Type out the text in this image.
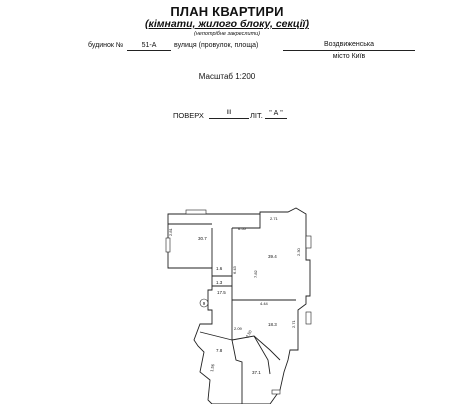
ПЛАН КВАРТИРИ
(кімнати, жилого блоку, секції)
(непотрібне закреслити)
будинок №	51-А	вулиця (провулок, площа)	Воздвиженська
місто Київ
Масштаб 1:200
ПОВЕРХ	III	ЛІТ. " А "
9
30.7
39.4
1.6
17.5
1.3
18.3
7.8
37.1
6.55
2.71
2.81
2.30
6.43
7.82
4.44
2.71
2.09
2.50
1.56
